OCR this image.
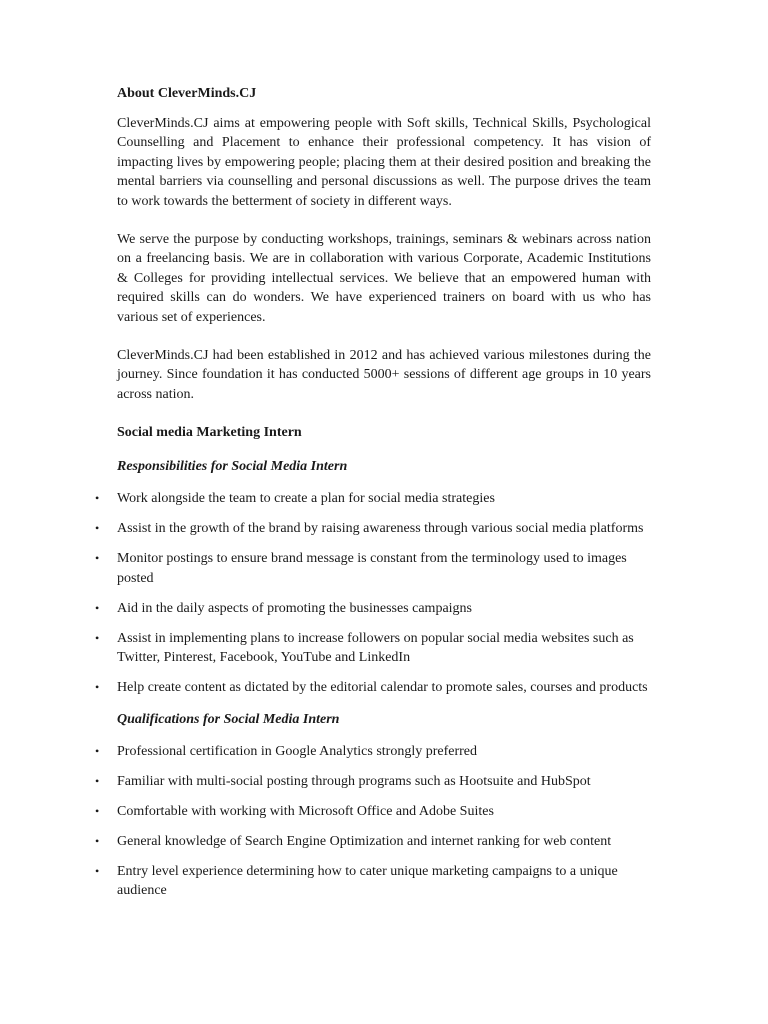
About CleverMinds.CJ

CleverMinds.CJ aims at empowering people with Soft skills, Technical Skills, Psychological Counselling and Placement to enhance their professional competency. It has vision of impacting lives by empowering people; placing them at their desired position and breaking the mental barriers via counselling and personal discussions as well. The purpose drives the team to work towards the betterment of society in different ways.

We serve the purpose by conducting workshops, trainings, seminars & webinars across nation on a freelancing basis. We are in collaboration with various Corporate, Academic Institutions & Colleges for providing intellectual services. We believe that an empowered human with required skills can do wonders. We have experienced trainers on board with us who has various set of experiences.

CleverMinds.CJ had been established in 2012 and has achieved various milestones during the journey. Since foundation it has conducted 5000+ sessions of different age groups in 10 years across nation.

Social media Marketing Intern
Responsibilities for Social Media Intern
• Work alongside the team to create a plan for social media strategies
• Assist in the growth of the brand by raising awareness through various social media platforms
• Monitor postings to ensure brand message is constant from the terminology used to images posted
• Aid in the daily aspects of promoting the businesses campaigns
• Assist in implementing plans to increase followers on popular social media websites such as Twitter, Pinterest, Facebook, YouTube and LinkedIn
• Help create content as dictated by the editorial calendar to promote sales, courses and products
Qualifications for Social Media Intern
• Professional certification in Google Analytics strongly preferred
• Familiar with multi-social posting through programs such as Hootsuite and HubSpot
• Comfortable with working with Microsoft Office and Adobe Suites
• General knowledge of Search Engine Optimization and internet ranking for web content
• Entry level experience determining how to cater unique marketing campaigns to a unique audience
